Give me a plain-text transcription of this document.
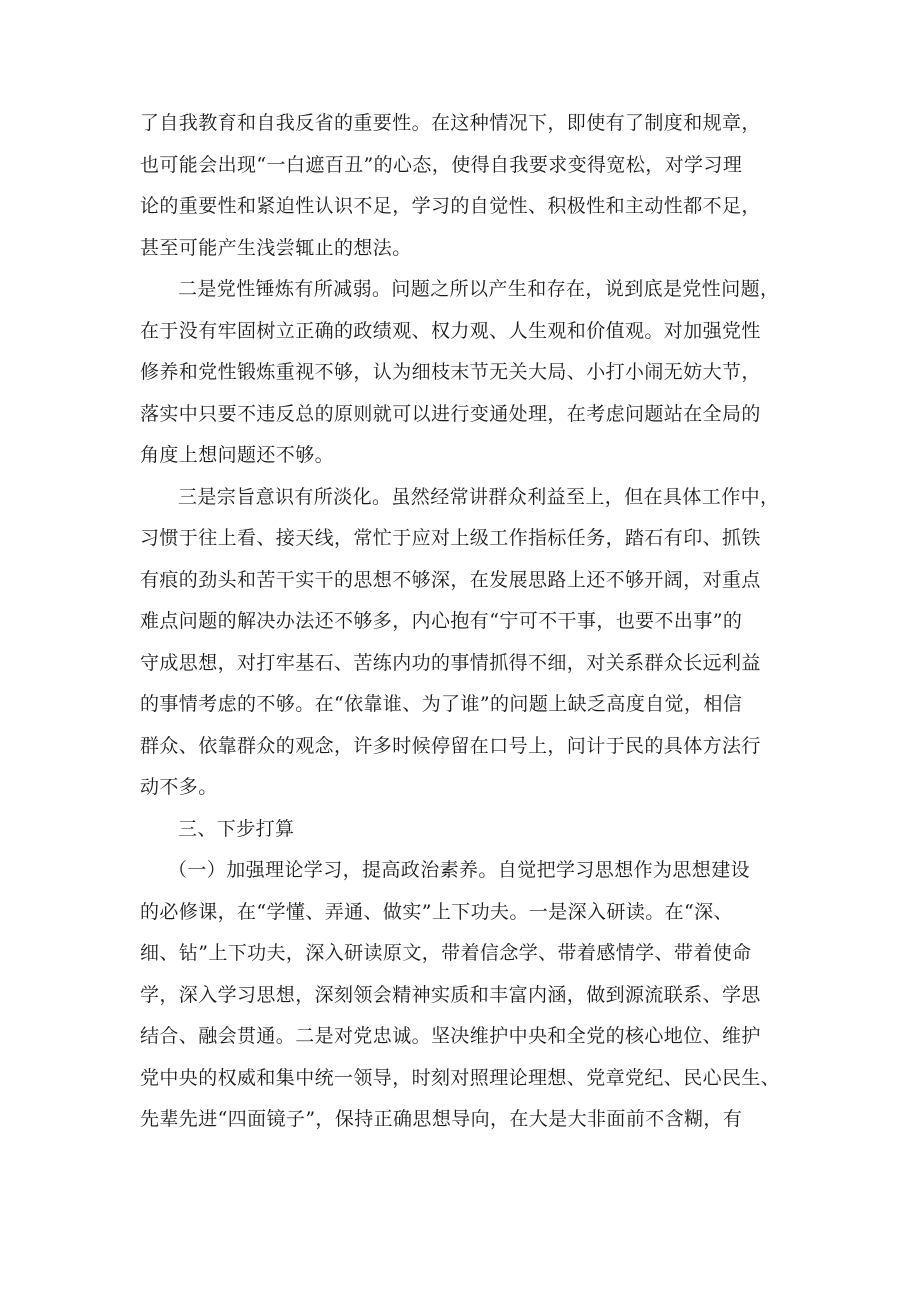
了自我教育和自我反省的重要性。在这种情况下，即使有了制度和规章，
也可能会出现“一白遮百丑”的心态，使得自我要求变得宽松，对学习理
论的重要性和紧迫性认识不足，学习的自觉性、积极性和主动性都不足，
甚至可能产生浅尝辄止的想法。
二是党性锤炼有所减弱。问题之所以产生和存在，说到底是党性问题，
在于没有牢固树立正确的政绩观、权力观、人生观和价值观。对加强党性
修养和党性锻炼重视不够，认为细枝末节无关大局、小打小闹无妨大节，
落实中只要不违反总的原则就可以进行变通处理，在考虑问题站在全局的
角度上想问题还不够。
三是宗旨意识有所淡化。虽然经常讲群众利益至上，但在具体工作中，
习惯于往上看、接天线，常忙于应对上级工作指标任务，踏石有印、抓铁
有痕的劲头和苦干实干的思想不够深，在发展思路上还不够开阔，对重点
难点问题的解决办法还不够多，内心抱有“宁可不干事，也要不出事”的
守成思想，对打牢基石、苦练内功的事情抓得不细，对关系群众长远利益
的事情考虑的不够。在“依靠谁、为了谁”的问题上缺乏高度自觉，相信
群众、依靠群众的观念，许多时候停留在口号上，问计于民的具体方法行
动不多。
三、下步打算
（一）加强理论学习，提高政治素养。自觉把学习思想作为思想建设
的必修课，在“学懂、弄通、做实”上下功夫。一是深入研读。在“深、
细、钻”上下功夫，深入研读原文，带着信念学、带着感情学、带着使命
学，深入学习思想，深刻领会精神实质和丰富内涵，做到源流联系、学思
结合、融会贯通。二是对党忠诚。坚决维护中央和全党的核心地位、维护
党中央的权威和集中统一领导，时刻对照理论理想、党章党纪、民心民生、
先辈先进“四面镜子”，保持正确思想导向，在大是大非面前不含糊，有
